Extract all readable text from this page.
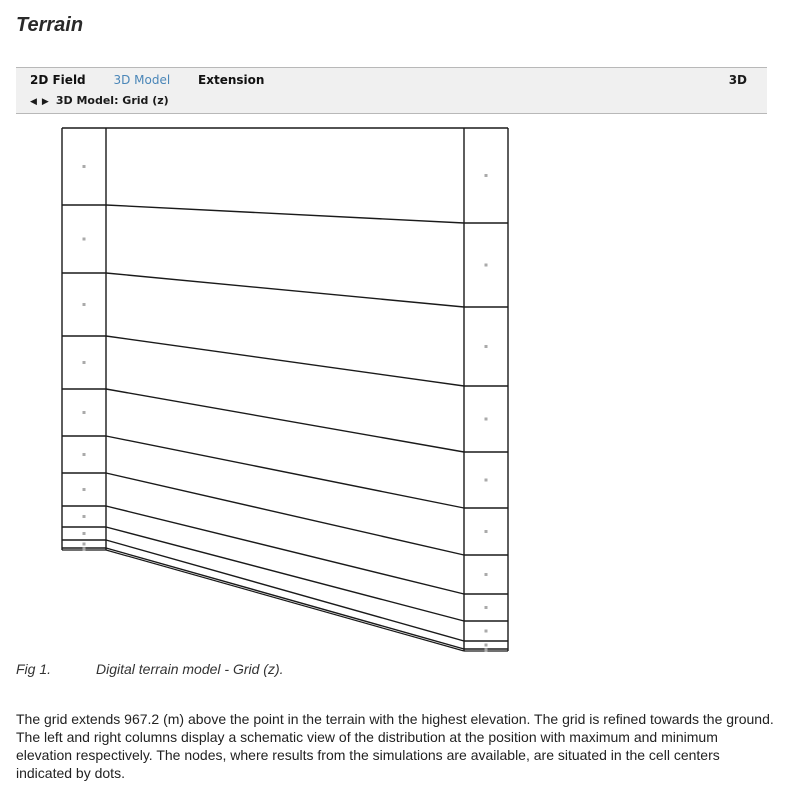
Terrain
2D Field 3D Model Extension	3D
◀ ▶ 3D Model: Grid (z)
Fig 1.	Digital terrain model - Grid (z).
The grid extends 967.2 (m) above the point in the terrain with the highest elevation. The grid is refined towards the ground. The left and right columns display a schematic view of the distribution at the position with maximum and minimum elevation respectively. The nodes, where results from the simulations are available, are situated in the cell centers indicated by dots.
